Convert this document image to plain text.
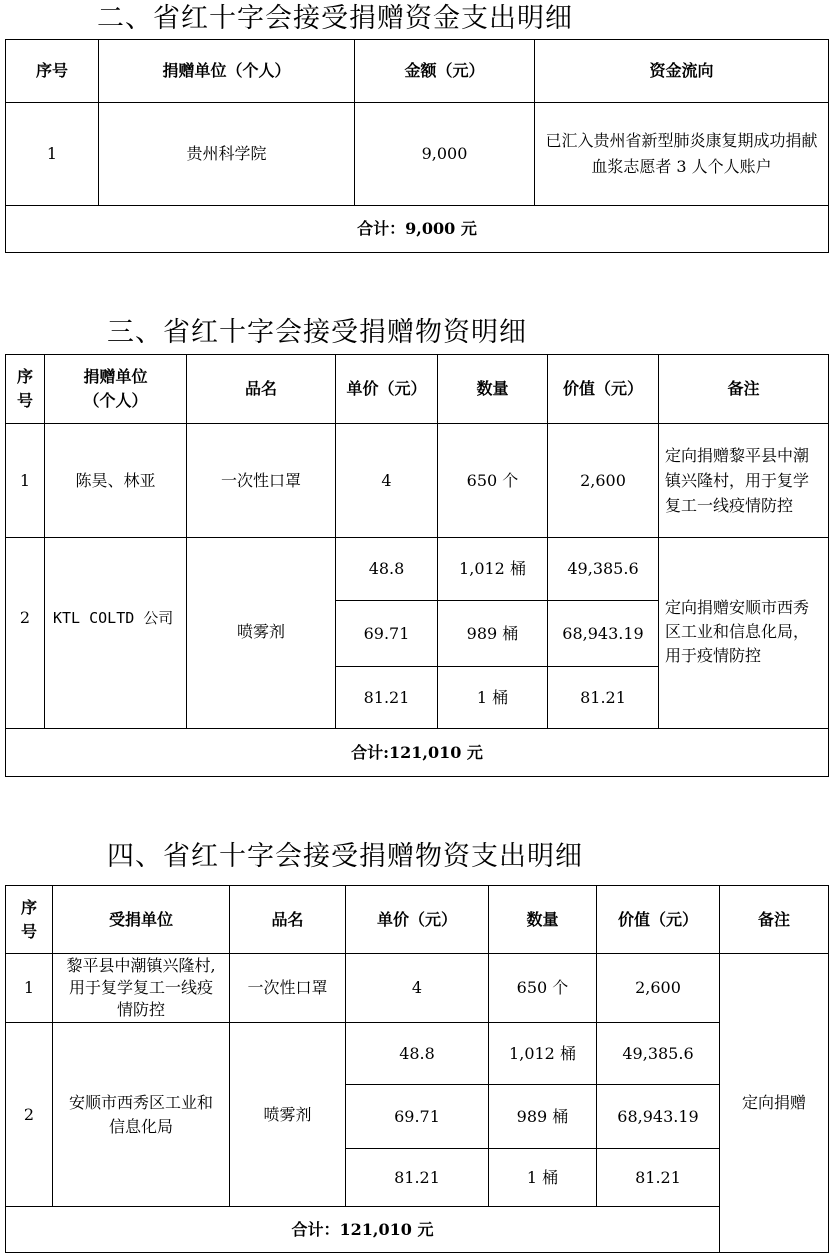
二、省红十字会接受捐赠资金支出明细
序号	捐赠单位（个人）	金额（元）	资金流向
1	贵州科学院	9,000	已汇入贵州省新型肺炎康复期成功捐献血浆志愿者 3 人个人账户
合计：9,000 元			
三、省红十字会接受捐赠物资明细
序号	捐赠单位（个人）	品名	单价（元）	数量	价值（元）	备注
1	陈昊、林亚	一次性口罩	4	650 个	2,600	定向捐赠黎平县中潮镇兴隆村，用于复学复工一线疫情防控
2	KTL COLTD 公司	喷雾剂	48.8	1,012 桶	49,385.6	定向捐赠安顺市西秀区工业和信息化局，用于疫情防控
			69.71	989 桶	68,943.19	
			81.21	1 桶	81.21	
合计:121,010 元						
四、省红十字会接受捐赠物资支出明细
序号	受捐单位	品名	单价（元）	数量	价值（元）	备注
1	黎平县中潮镇兴隆村,用于复学复工一线疫情防控	一次性口罩	4	650 个	2,600	定向捐赠
2	安顺市西秀区工业和信息化局	喷雾剂	48.8	1,012 桶	49,385.6	
			69.71	989 桶	68,943.19	
			81.21	1 桶	81.21	
合计：121,010 元						
